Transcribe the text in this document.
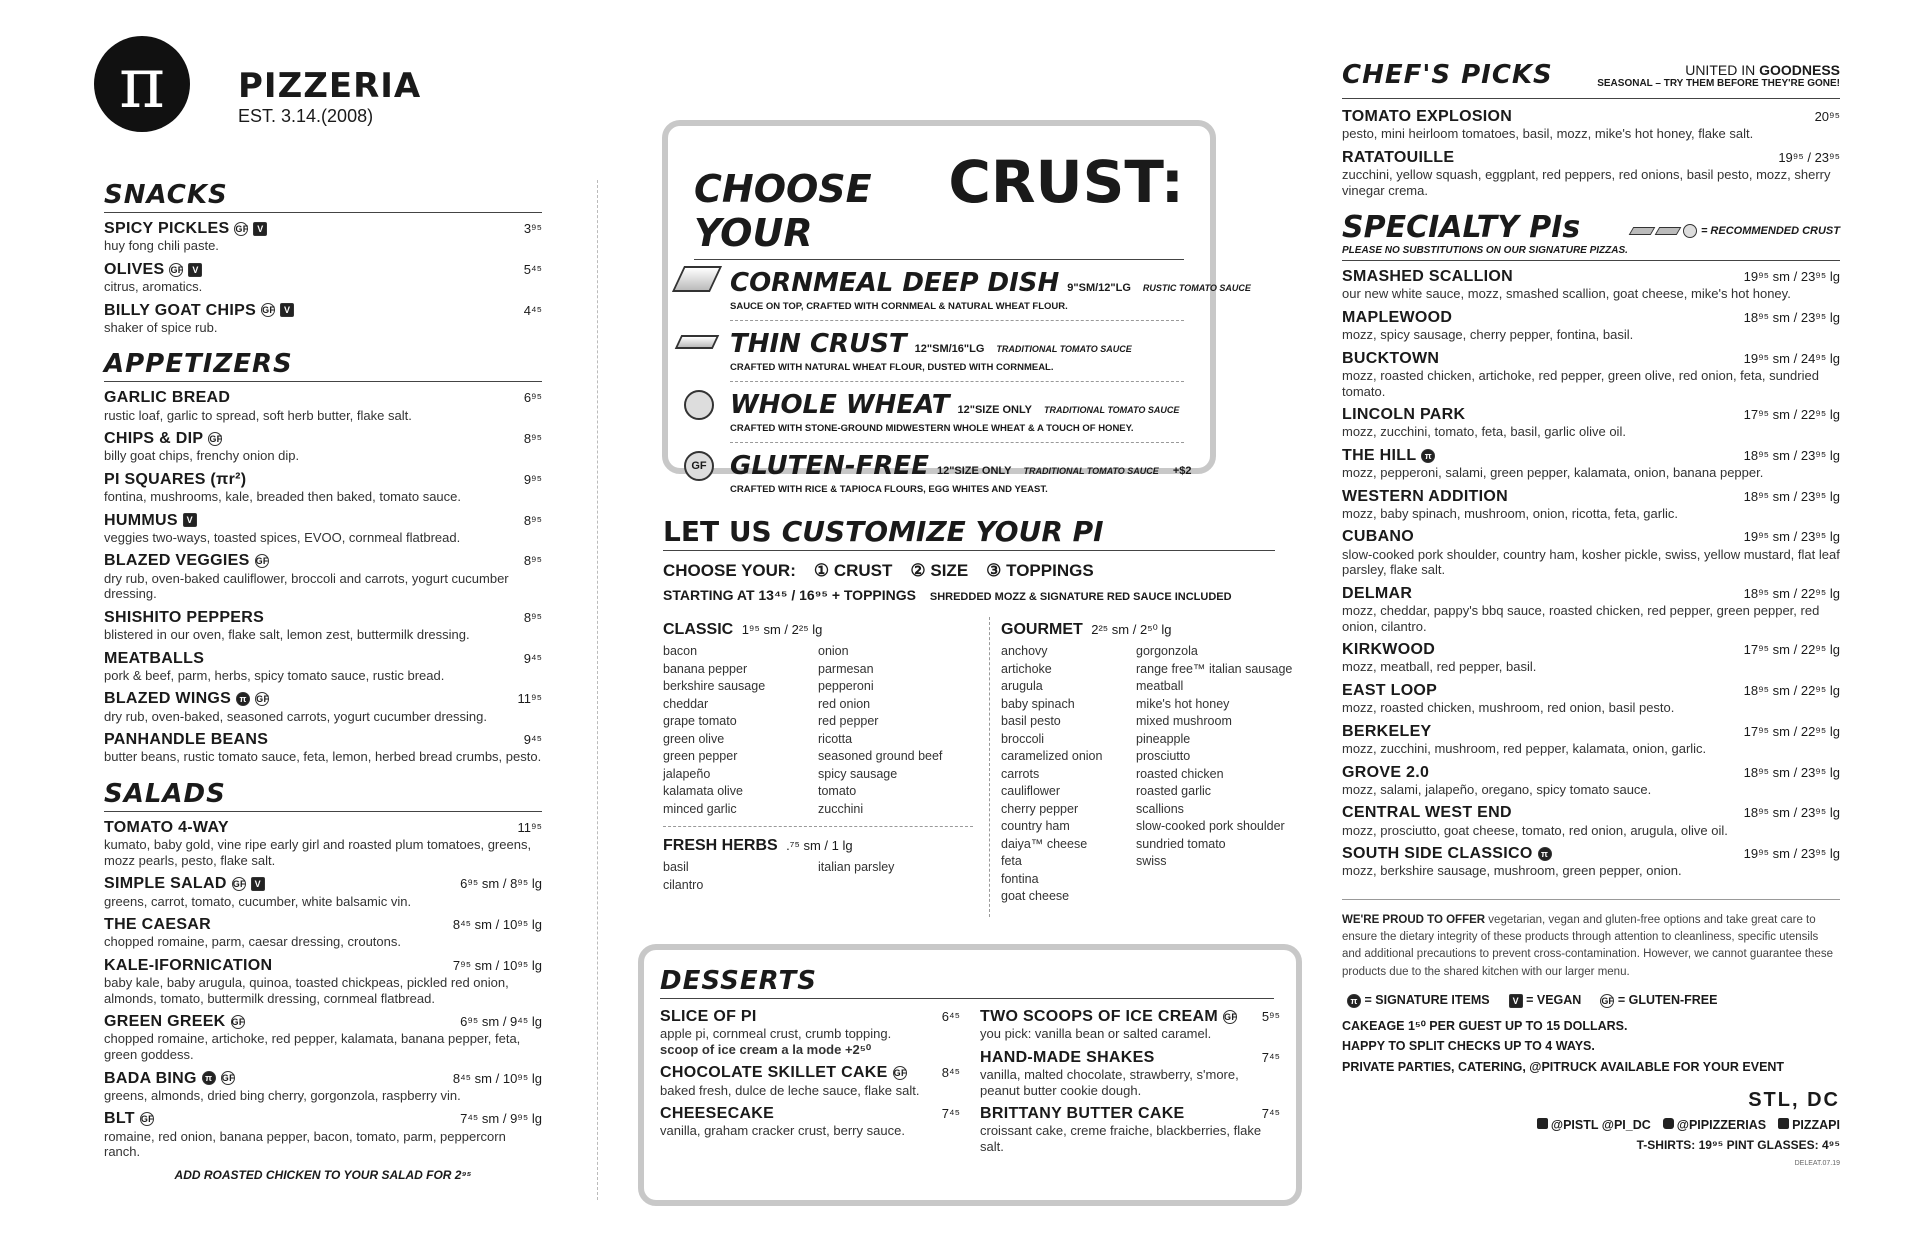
π	PIZZERIA
EST. 3.14.(2008)
SNACKS
SPICY PICKLES GF V	3⁹⁵
huy fong chili paste.
OLIVES GF V	5⁴⁵
citrus, aromatics.
BILLY GOAT CHIPS GF V	4⁴⁵
shaker of spice rub.
APPETIZERS
GARLIC BREAD	6⁹⁵
rustic loaf, garlic to spread, soft herb butter, flake salt.
CHIPS & DIP GF	8⁹⁵
billy goat chips, frenchy onion dip.
PI SQUARES (πr²)	9⁹⁵
fontina, mushrooms, kale, breaded then baked, tomato sauce.
HUMMUS V	8⁹⁵
veggies two-ways, toasted spices, EVOO, cornmeal flatbread.
BLAZED VEGGIES GF	8⁹⁵
dry rub, oven-baked cauliflower, broccoli and carrots, yogurt cucumber dressing.
SHISHITO PEPPERS	8⁹⁵
blistered in our oven, flake salt, lemon zest, buttermilk dressing.
MEATBALLS	9⁴⁵
pork & beef, parm, herbs, spicy tomato sauce, rustic bread.
BLAZED WINGS π GF	11⁹⁵
dry rub, oven-baked, seasoned carrots, yogurt cucumber dressing.
PANHANDLE BEANS	9⁴⁵
butter beans, rustic tomato sauce, feta, lemon, herbed bread crumbs, pesto.
SALADS
TOMATO 4-WAY	11⁹⁵
kumato, baby gold, vine ripe early girl and roasted plum tomatoes, greens, mozz pearls, pesto, flake salt.
SIMPLE SALAD GF V	6⁹⁵ sm / 8⁹⁵ lg
greens, carrot, tomato, cucumber, white balsamic vin.
THE CAESAR	8⁴⁵ sm / 10⁹⁵ lg
chopped romaine, parm, caesar dressing, croutons.
KALE-IFORNICATION	7⁹⁵ sm / 10⁹⁵ lg
baby kale, baby arugula, quinoa, toasted chickpeas, pickled red onion, almonds, tomato, buttermilk dressing, cornmeal flatbread.
GREEN GREEK GF	6⁹⁵ sm / 9⁴⁵ lg
chopped romaine, artichoke, red pepper, kalamata, banana pepper, feta, green goddess.
BADA BING π GF	8⁴⁵ sm / 10⁹⁵ lg
greens, almonds, dried bing cherry, gorgonzola, raspberry vin.
BLT GF	7⁴⁵ sm / 9⁹⁵ lg
romaine, red onion, banana pepper, bacon, tomato, parm, peppercorn ranch.
ADD ROASTED CHICKEN TO YOUR SALAD FOR 2⁹⁵
CHOOSE YOUR
CRUST:
CORNMEAL DEEP DISH 9"SM/12"LG RUSTIC TOMATO SAUCE
SAUCE ON TOP, CRAFTED WITH CORNMEAL & NATURAL WHEAT FLOUR.
THIN CRUST 12"SM/16"LG TRADITIONAL TOMATO SAUCE
CRAFTED WITH NATURAL WHEAT FLOUR, DUSTED WITH CORNMEAL.
WHOLE WHEAT 12"SIZE ONLY TRADITIONAL TOMATO SAUCE
CRAFTED WITH STONE-GROUND MIDWESTERN WHOLE WHEAT & A TOUCH OF HONEY.
GF GLUTEN-FREE 12"SIZE ONLY TRADITIONAL TOMATO SAUCE +$2
CRAFTED WITH RICE & TAPIOCA FLOURS, EGG WHITES AND YEAST.
LET US CUSTOMIZE YOUR PI
CHOOSE YOUR: ① CRUST ② SIZE ③ TOPPINGS
STARTING AT 13⁴⁵ / 16⁹⁵ + TOPPINGS SHREDDED MOZZ & SIGNATURE RED SAUCE INCLUDED
CLASSIC 1⁹⁵ sm / 2²⁵ lg
bacon	onion
banana pepper	parmesan
berkshire sausage	pepperoni
cheddar	red onion
grape tomato	red pepper
green olive	ricotta
green pepper	seasoned ground beef
jalapeño	spicy sausage
kalamata olive	tomato
minced garlic	zucchini
FRESH HERBS .⁷⁵ sm / 1 lg
basil	italian parsley
cilantro
GOURMET 2²⁵ sm / 2⁵⁰ lg
anchovy	gorgonzola
artichoke	range free™ italian sausage
arugula	meatball
baby spinach	mike's hot honey
basil pesto	mixed mushroom
broccoli	pineapple
caramelized onion	prosciutto
carrots	roasted chicken
cauliflower	roasted garlic
cherry pepper	scallions
country ham	slow-cooked pork shoulder
daiya™ cheese	sundried tomato
feta	swiss
fontina
goat cheese
DESSERTS
SLICE OF PI	6⁴⁵
apple pi, cornmeal crust, crumb topping.
scoop of ice cream a la mode +2⁵⁰
CHOCOLATE SKILLET CAKE GF	8⁴⁵
baked fresh, dulce de leche sauce, flake salt.
CHEESECAKE	7⁴⁵
vanilla, graham cracker crust, berry sauce.
TWO SCOOPS OF ICE CREAM GF 5⁹⁵
you pick: vanilla bean or salted caramel.
HAND-MADE SHAKES	7⁴⁵
vanilla, malted chocolate, strawberry, s'more, peanut butter cookie dough.
BRITTANY BUTTER CAKE	7⁴⁵
croissant cake, creme fraiche, blackberries, flake salt.
CHEF'S PICKS	UNITED IN GOODNESS
SEASONAL – TRY THEM BEFORE THEY'RE GONE!
TOMATO EXPLOSION	20⁹⁵
pesto, mini heirloom tomatoes, basil, mozz, mike's hot honey, flake salt.
RATATOUILLE	19⁹⁵ / 23⁹⁵
zucchini, yellow squash, eggplant, red peppers, red onions, basil pesto, mozz, sherry vinegar crema.
SPECIALTY PIs	= RECOMMENDED CRUST
PLEASE NO SUBSTITUTIONS ON OUR SIGNATURE PIZZAS.
SMASHED SCALLION	19⁹⁵ sm / 23⁹⁵ lg
our new white sauce, mozz, smashed scallion, goat cheese, mike's hot honey.
MAPLEWOOD	18⁹⁵ sm / 23⁹⁵ lg
mozz, spicy sausage, cherry pepper, fontina, basil.
BUCKTOWN	19⁹⁵ sm / 24⁹⁵ lg
mozz, roasted chicken, artichoke, red pepper, green olive, red onion, feta, sundried tomato.
LINCOLN PARK	17⁹⁵ sm / 22⁹⁵ lg
mozz, zucchini, tomato, feta, basil, garlic olive oil.
THE HILL π	18⁹⁵ sm / 23⁹⁵ lg
mozz, pepperoni, salami, green pepper, kalamata, onion, banana pepper.
WESTERN ADDITION	18⁹⁵ sm / 23⁹⁵ lg
mozz, baby spinach, mushroom, onion, ricotta, feta, garlic.
CUBANO	19⁹⁵ sm / 23⁹⁵ lg
slow-cooked pork shoulder, country ham, kosher pickle, swiss, yellow mustard, flat leaf parsley, flake salt.
DELMAR	18⁹⁵ sm / 22⁹⁵ lg
mozz, cheddar, pappy's bbq sauce, roasted chicken, red pepper, green pepper, red onion, cilantro.
KIRKWOOD	17⁹⁵ sm / 22⁹⁵ lg
mozz, meatball, red pepper, basil.
EAST LOOP	18⁹⁵ sm / 22⁹⁵ lg
mozz, roasted chicken, mushroom, red onion, basil pesto.
BERKELEY	17⁹⁵ sm / 22⁹⁵ lg
mozz, zucchini, mushroom, red pepper, kalamata, onion, garlic.
GROVE 2.0	18⁹⁵ sm / 23⁹⁵ lg
mozz, salami, jalapeño, oregano, spicy tomato sauce.
CENTRAL WEST END	18⁹⁵ sm / 23⁹⁵ lg
mozz, prosciutto, goat cheese, tomato, red onion, arugula, olive oil.
SOUTH SIDE CLASSICO π	19⁹⁵ sm / 23⁹⁵ lg
mozz, berkshire sausage, mushroom, green pepper, onion.
WE'RE PROUD TO OFFER vegetarian, vegan and gluten-free options and take great care to ensure the dietary integrity of these products through attention to cleanliness, specific utensils and additional precautions to prevent cross-contamination. However, we cannot guarantee these products due to the shared kitchen with our larger menu.
π = SIGNATURE ITEMS	V = VEGAN	GF = GLUTEN-FREE
CAKEAGE 1⁵⁰ PER GUEST UP TO 15 DOLLARS.
HAPPY TO SPLIT CHECKS UP TO 4 WAYS.
PRIVATE PARTIES, CATERING, @PITRUCK AVAILABLE FOR YOUR EVENT
STL, DC
@PISTL @PI_DC	@PIPIZZERIAS	PIZZAPI
T-SHIRTS: 19⁹⁵ PINT GLASSES: 4⁹⁵
DELEAT.07.19
